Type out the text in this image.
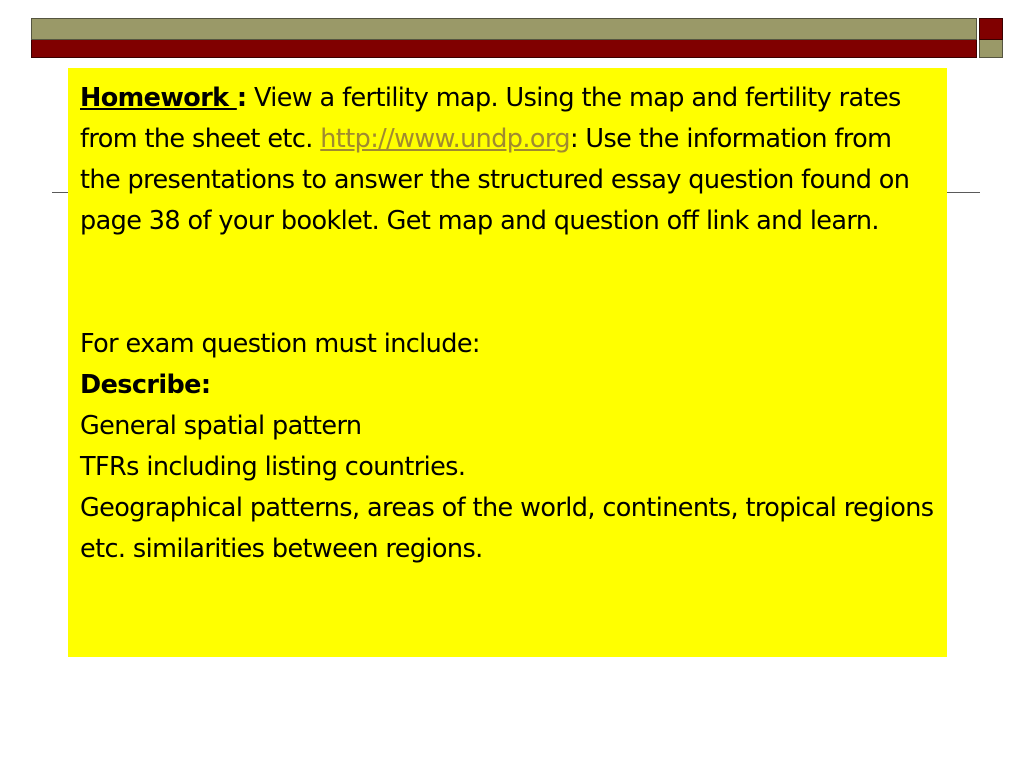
Homework : View a fertility map. Using the map and fertility rates from the sheet etc. http://www.undp.org: Use the information from the presentations to answer the structured essay question found on page 38 of your booklet. Get map and question off link and learn.

For exam question must include:

Describe:

General spatial pattern

TFRs including listing countries.

Geographical patterns, areas of the world, continents, tropical regions etc. similarities between regions.
